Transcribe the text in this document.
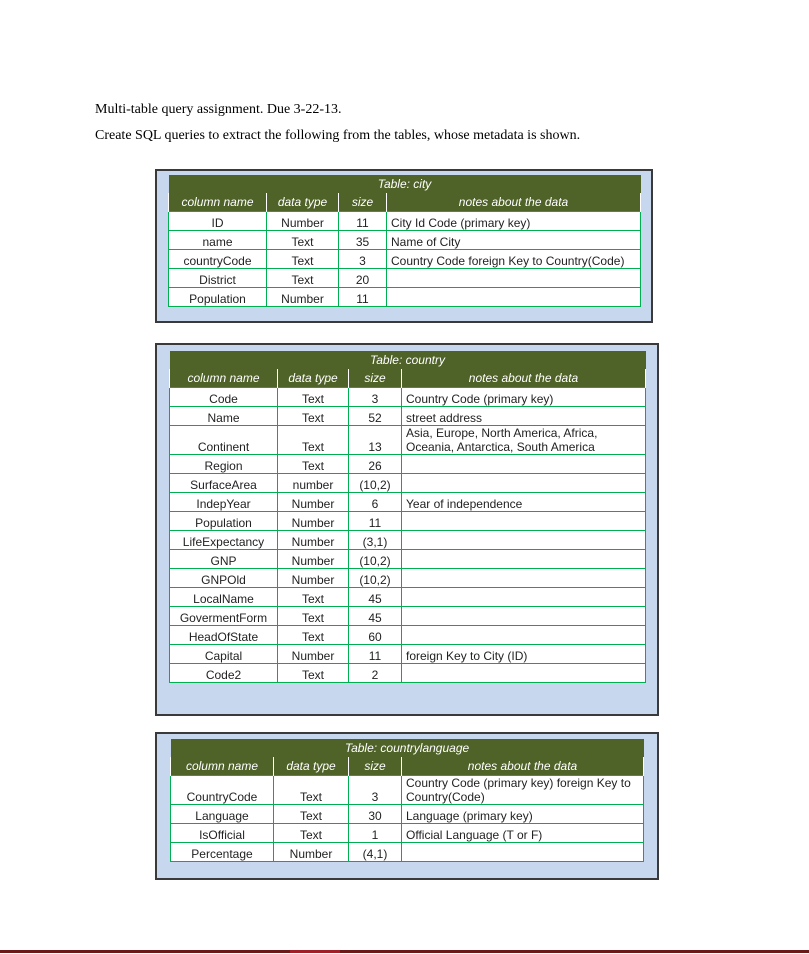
Multi-table query assignment. Due 3-22-13.
Create SQL queries to extract the following from the tables, whose metadata is shown.
Table: city			
column name	data type	size	notes about the data
ID	Number	11	City Id Code (primary key)
name	Text	35	Name of City
countryCode	Text	3	Country Code foreign Key to Country(Code)
District	Text	20	
Population	Number	11	
Table: country			
column name	data type	size	notes about the data
Code	Text	3	Country Code (primary key)
Name	Text	52	street address
Continent	Text	13	Asia, Europe, North America, Africa, Oceania, Antarctica, South America
Region	Text	26	
SurfaceArea	number	(10,2)	
IndepYear	Number	6	Year of independence
Population	Number	11	
LifeExpectancy	Number	(3,1)	
GNP	Number	(10,2)	
GNPOld	Number	(10,2)	
LocalName	Text	45	
GovermentForm	Text	45	
HeadOfState	Text	60	
Capital	Number	11	foreign Key to City (ID)
Code2	Text	2	
Table: countrylanguage			
column name	data type	size	notes about the data
CountryCode	Text	3	Country Code (primary key) foreign Key to Country(Code)
Language	Text	30	Language (primary key)
IsOfficial	Text	1	Official Language (T or F)
Percentage	Number	(4,1)	
